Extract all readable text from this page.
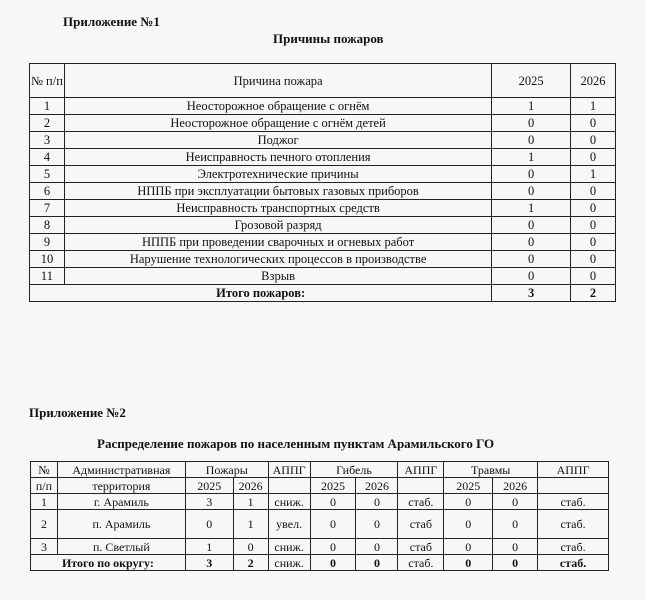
Приложение №1
Причины пожаров
№ п/п	Причина пожара	2025	2026
1	Неосторожное обращение с огнём	1	1
2	Неосторожное обращение с огнём детей	0	0
3	Поджог	0	0
4	Неисправность печного отопления	1	0
5	Электротехнические причины	0	1
6	НППБ при эксплуатации бытовых газовых приборов	0	0
7	Неисправность транспортных средств	1	0
8	Грозовой разряд	0	0
9	НППБ при проведении сварочных и огневых работ	0	0
10	Нарушение технологических процессов в производстве	0	0
11	Взрыв	0	0
Итого пожаров:		3	2
Приложение №2
Распределение пожаров по населенным пунктам Арамильского ГО
№	Административная	Пожары		АППГ	Гибель		АППГ	Травмы		АППГ
п/п	территория	2025	2026		2025	2026		2025	2026	
1	г. Арамиль	3	1	сниж.	0	0	стаб.	0	0	стаб.
2	п. Арамиль	0	1	увел.	0	0	стаб	0	0	стаб.
3	п. Светлый	1	0	сниж.	0	0	стаб	0	0	стаб.
Итого по округу:		3	2	сниж.	0	0	стаб.	0	0	стаб.
